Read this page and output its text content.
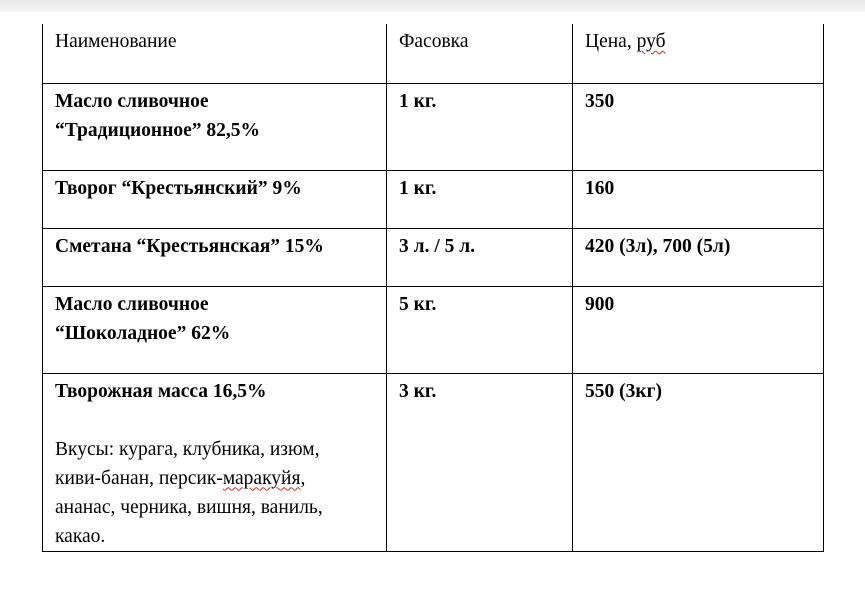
Наименование	Фасовка	Цена, руб

Масло сливочное
“Традиционное” 82,5%	1 кг.	350

Творог “Крестьянский” 9%	1 кг.	160

Сметана “Крестьянская” 15%	3 л. / 5 л.	420 (3л), 700 (5л)

Масло сливочное
“Шоколадное” 62%	5 кг.	900

Творожная масса 16,5%
Вкусы: курага, клубника, изюм,
киви-банан, персик-маракуйя,
ананас, черника, вишня, ваниль,
какао.	3 кг.	550 (3кг)
